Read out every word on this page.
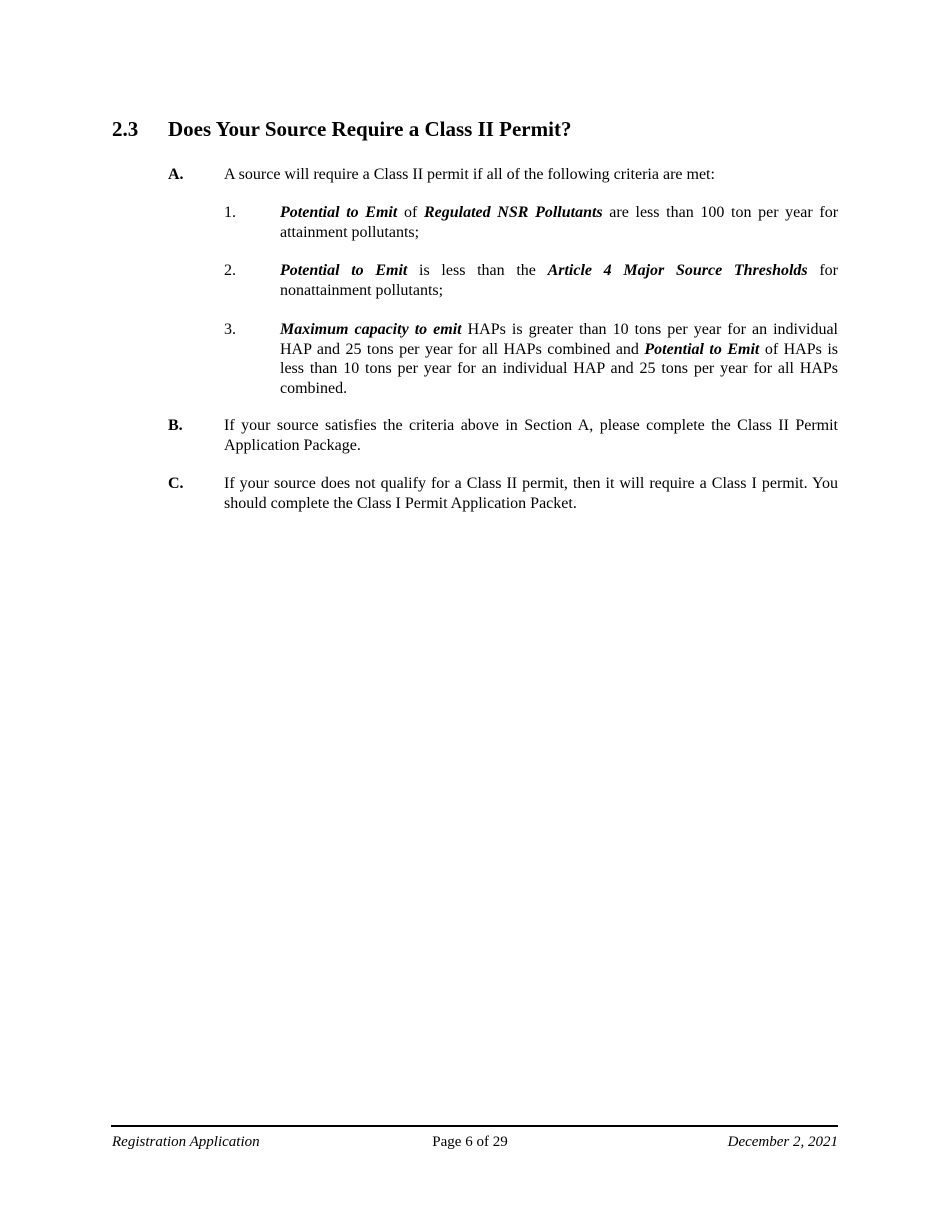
2.3 Does Your Source Require a Class II Permit?
A.	A source will require a Class II permit if all of the following criteria are met:
1.	Potential to Emit of Regulated NSR Pollutants are less than 100 ton per year for attainment pollutants;
2.	Potential to Emit is less than the Article 4 Major Source Thresholds for nonattainment pollutants;
3.	Maximum capacity to emit HAPs is greater than 10 tons per year for an individual HAP and 25 tons per year for all HAPs combined and Potential to Emit of HAPs is less than 10 tons per year for an individual HAP and 25 tons per year for all HAPs combined.
B.	If your source satisfies the criteria above in Section A, please complete the Class II Permit Application Package.
C.	If your source does not qualify for a Class II permit, then it will require a Class I permit. You should complete the Class I Permit Application Packet.
Registration Application	Page 6 of 29	December 2, 2021
